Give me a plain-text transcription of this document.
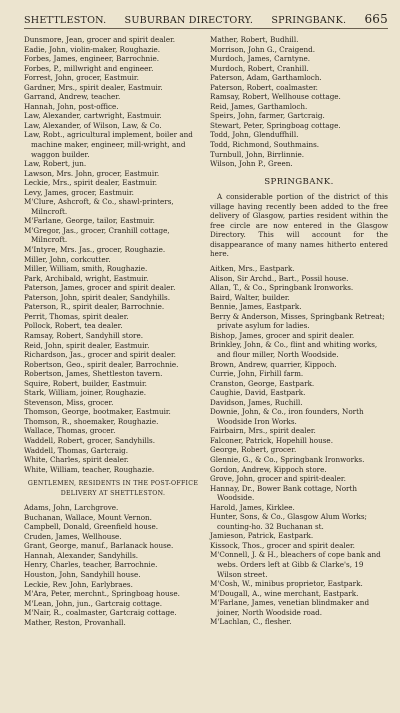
SHETTLESTON. SUBURBAN DIRECTORY. SPRINGBANK. 665
Dunsmore, Jean, grocer and spirit dealer.
Eadie, John, violin-maker, Roughazie.
Forbes, James, engineer, Barrochnie.
Forbes, P., millwright and engineer.
Forrest, John, grocer, Eastmuir.
Gardner, Mrs., spirit dealer, Eastmuir.
Garrand, Andrew, teacher.
Hannah, John, post-office.
Law, Alexander, cartwright, Eastmuir.
Law, Alexander, of Wilson, Law, & Co.
Law, Robt., agricultural implement, boiler and machine maker, engineer, mill-wright, and waggon builder.
Law, Robert, jun.
Lawson, Mrs. John, grocer, Eastmuir.
Leckie, Mrs., spirit dealer, Eastmuir.
Levy, James, grocer, Eastmuir.
M'Clure, Ashcroft, & Co., shawl-printers, Milncroft.
M'Farlane, George, tailor, Eastmuir.
M'Gregor, Jas., grocer, Cranhill cottage, Milncroft.
M'Intyre, Mrs. Jas., grocer, Roughazie.
Miller, John, corkcutter.
Miller, William, smith, Roughazie.
Park, Archibald, wright, Eastmuir.
Paterson, James, grocer and spirit dealer.
Paterson, John, spirit dealer, Sandyhills.
Paterson, R., spirit dealer, Barrochnie.
Perrit, Thomas, spirit dealer.
Pollock, Robert, tea dealer.
Ramsay, Robert, Sandyhill store.
Reid, John, spirit dealer, Eastmuir.
Richardson, Jas., grocer and spirit dealer.
Robertson, Geo., spirit dealer, Barrochnie.
Robertson, James, Shettleston tavern.
Squire, Robert, builder, Eastmuir.
Stark, William, joiner, Roughazie.
Stevenson, Miss, grocer.
Thomson, George, bootmaker, Eastmuir.
Thomson, R., shoemaker, Roughazie.
Wallace, Thomas, grocer.
Waddell, Robert, grocer, Sandyhills.
Waddell, Thomas, Gartcraig.
White, Charles, spirit dealer.
White, William, teacher, Roughazie.
GENTLEMEN, RESIDENTS IN THE POST-OFFICE DELIVERY AT SHETTLESTON.
Adams, John, Larchgrove.
Buchanan, Wallace, Mount Vernon.
Campbell, Donald, Greenfield house.
Cruden, James, Wellhouse.
Grant, George, manuf., Barlanack house.
Hannah, Alexander, Sandyhills.
Henry, Charles, teacher, Barrochnie.
Houston, John, Sandyhill house.
Leckie, Rev. John, Earlybraes.
M'Ara, Peter, merchnt., Springboag house.
M'Lean, John, jun., Gartcraig cottage.
M'Nair, R., coalmaster, Gartcraig cottage.
Mather, Reston, Provanhall.
Mather, Robert, Budhill.
Morrison, John G., Craigend.
Murdoch, James, Carntyne.
Murdoch, Robert, Cranhill.
Paterson, Adam, Garthamloch.
Paterson, Robert, coalmaster.
Ramsay, Robert, Wellhouse cottage.
Reid, James, Garthamloch.
Speirs, John, farmer, Gartcraig.
Stewart, Peter, Springboag cottage.
Todd, John, Glenduffhill.
Todd, Richmond, Southmains.
Turnbull, John, Birrlinnie.
Wilson, John P., Green.
SPRINGBANK.
A considerable portion of the district of this village having recently been added to the free delivery of Glasgow, parties resident within the free circle are now entered in the Glasgow Directory. This will account for the disappearance of many names hitherto entered here.
Aitken, Mrs., Eastpark.
Alison, Sir Archd., Bart., Possil house.
Allan, T., & Co., Springbank Ironworks.
Baird, Walter, builder.
Bennie, James, Eastpark.
Berry & Anderson, Misses, Springbank Retreat; private asylum for ladies.
Bishop, James, grocer and spirit dealer.
Brinkley, John, & Co., flint and whiting works, and flour miller, North Woodside.
Brown, Andrew, quarrier, Kippoch.
Currie, John, Firhill farm.
Cranston, George, Eastpark.
Caughie, David, Eastpark.
Davidson, James, Ruchill.
Downie, John, & Co., iron founders, North Woodside Iron Works.
Fairbairn, Mrs., spirit dealer.
Falconer, Patrick, Hopehill house.
George, Robert, grocer.
Glennie, G., & Co., Springbank Ironworks.
Gordon, Andrew, Kippoch store.
Grove, John, grocer and spirit-dealer.
Hannay, Dr., Bower Bank cottage, North Woodside.
Harold, James, Kirklee.
Hunter, Sons, & Co., Glasgow Alum Works; counting-ho. 32 Buchanan st.
Jamieson, Patrick, Eastpark.
Kissock, Thos., grocer and spirit dealer.
M'Connell, J. & H., bleachers of cope bank and webs. Orders left at Gibb & Clarke's, 19 Wilson street.
M'Cosh, W., minibus proprietor, Eastpark.
M'Dougall, A., wine merchant, Eastpark.
M'Farlane, James, venetian blindmaker and joiner, North Woodside road.
M'Lachlan, C., flesher.
